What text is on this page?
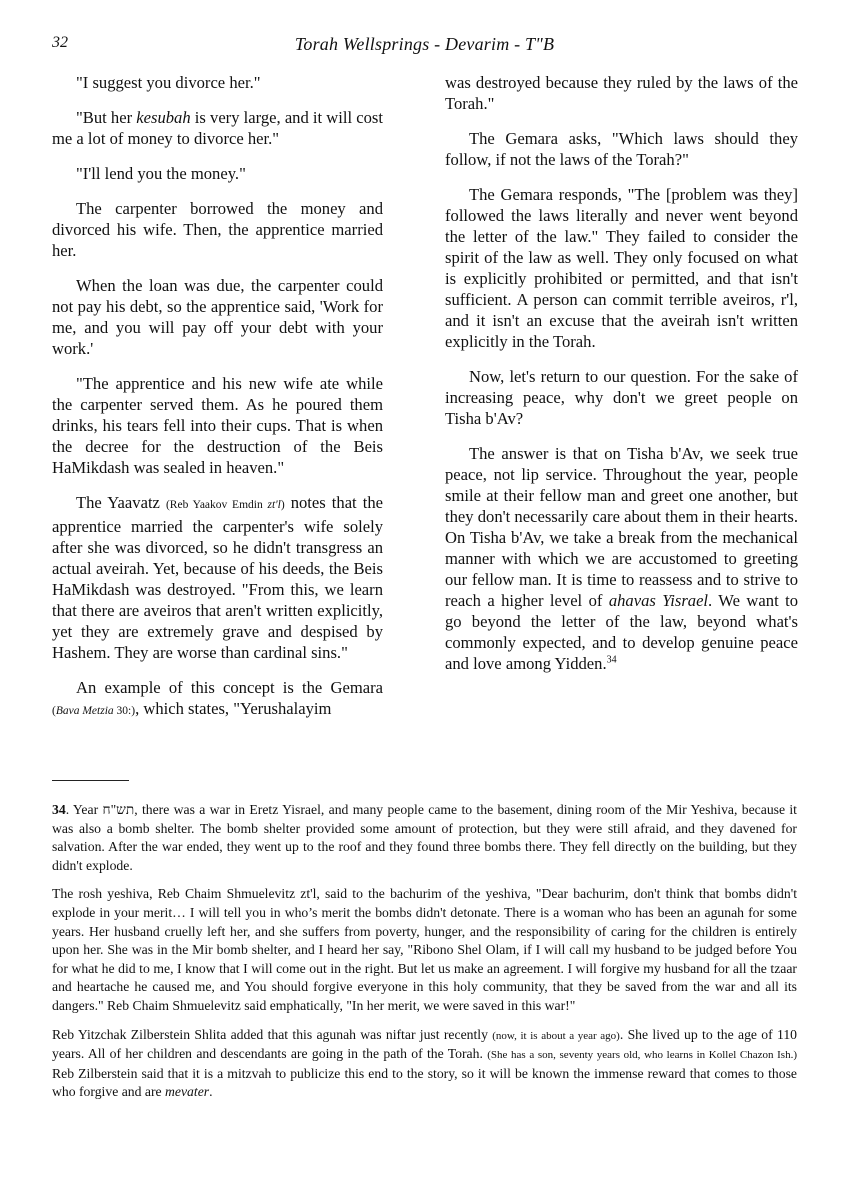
32	Torah Wellsprings - Devarim - T"B

"I suggest you divorce her."

"But her kesubah is very large, and it will cost me a lot of money to divorce her."

"I'll lend you the money."

The carpenter borrowed the money and divorced his wife. Then, the apprentice married her.

When the loan was due, the carpenter could not pay his debt, so the apprentice said, 'Work for me, and you will pay off your debt with your work.'

"The apprentice and his new wife ate while the carpenter served them. As he poured them drinks, his tears fell into their cups. That is when the decree for the destruction of the Beis HaMikdash was sealed in heaven."

The Yaavatz (Reb Yaakov Emdin zt'l) notes that the apprentice married the carpenter's wife solely after she was divorced, so he didn't transgress an actual aveirah. Yet, because of his deeds, the Beis HaMikdash was destroyed. "From this, we learn that there are aveiros that aren't written explicitly, yet they are extremely grave and despised by Hashem. They are worse than cardinal sins."

An example of this concept is the Gemara (Bava Metzia 30:), which states, "Yerushalayim

was destroyed because they ruled by the laws of the Torah."

The Gemara asks, "Which laws should they follow, if not the laws of the Torah?"

The Gemara responds, "The [problem was they] followed the laws literally and never went beyond the letter of the law." They failed to consider the spirit of the law as well. They only focused on what is explicitly prohibited or permitted, and that isn't sufficient. A person can commit terrible aveiros, r'l, and it isn't an excuse that the aveirah isn't written explicitly in the Torah.

Now, let's return to our question. For the sake of increasing peace, why don't we greet people on Tisha b'Av?

The answer is that on Tisha b'Av, we seek true peace, not lip service. Throughout the year, people smile at their fellow man and greet one another, but they don't necessarily care about them in their hearts. On Tisha b'Av, we take a break from the mechanical manner with which we are accustomed to greeting our fellow man. It is time to reassess and to strive to reach a higher level of ahavas Yisrael. We want to go beyond the letter of the law, beyond what's commonly expected, and to develop genuine peace and love among Yidden.$^{34}$

34. Year תש"ח, there was a war in Eretz Yisrael, and many people came to the basement, dining room of the Mir Yeshiva, because it was also a bomb shelter. The bomb shelter provided some amount of protection, but they were still afraid, and they davened for salvation. After the war ended, they went up to the roof and they found three bombs there. They fell directly on the building, but they didn't explode.

The rosh yeshiva, Reb Chaim Shmuelevitz zt'l, said to the bachurim of the yeshiva, "Dear bachurim, don't think that bombs didn't explode in your merit… I will tell you in who’s merit the bombs didn't detonate. There is a woman who has been an agunah for some years. Her husband cruelly left her, and she suffers from poverty, hunger, and the responsibility of caring for the children is entirely upon her. She was in the Mir bomb shelter, and I heard her say, "Ribono Shel Olam, if I will call my husband to be judged before You for what he did to me, I know that I will come out in the right. But let us make an agreement. I will forgive my husband for all the tzaar and heartache he caused me, and You should forgive everyone in this holy community, that they be saved from the war and all its dangers." Reb Chaim Shmuelevitz said emphatically, "In her merit, we were saved in this war!"

Reb Yitzchak Zilberstein Shlita added that this agunah was niftar just recently (now, it is about a year ago). She lived up to the age of 110 years. All of her children and descendants are going in the path of the Torah. (She has a son, seventy years old, who learns in Kollel Chazon Ish.) Reb Zilberstein said that it is a mitzvah to publicize this end to the story, so it will be known the immense reward that comes to those who forgive and are mevater.
